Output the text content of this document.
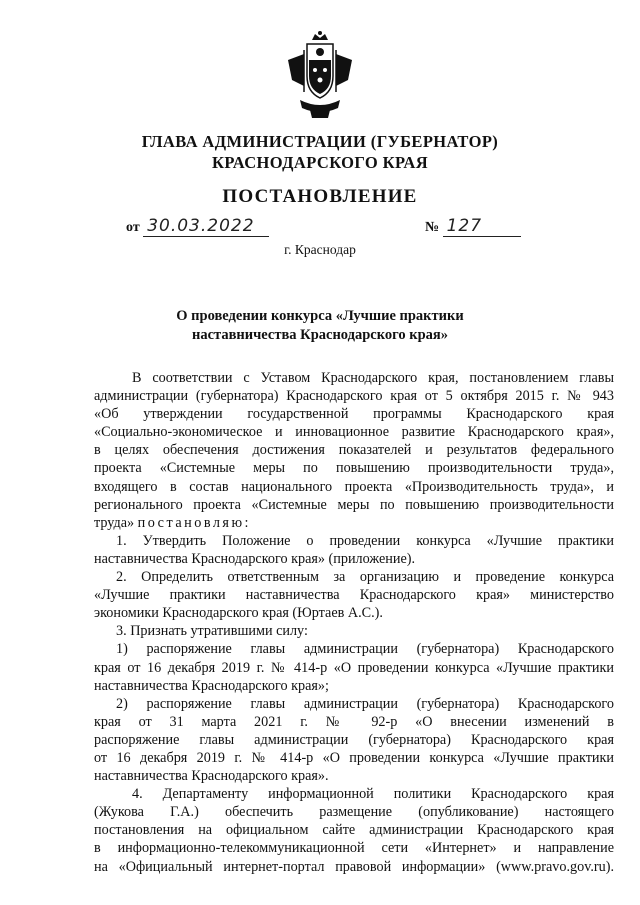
ГЛАВА АДМИНИСТРАЦИИ (ГУБЕРНАТОР)
КРАСНОДАРСКОГО КРАЯ
ПОСТАНОВЛЕНИЕ
от 30.03.2022	№ 127
г. Краснодар
О проведении конкурса «Лучшие практики
наставничества Краснодарского края»

В соответствии с Уставом Краснодарского края, постановлением главы

администрации (губернатора) Краснодарского края от 5 октября 2015 г. № 943

«Об утверждении государственной программы Краснодарского края

«Социально-экономическое и инновационное развитие Краснодарского края»,

в целях обеспечения достижения показателей и результатов федерального

проекта «Системные меры по повышению производительности труда»,

входящего в состав национального проекта «Производительность труда», и

регионального проекта «Системные меры по повышению производительности

труда» постановляю:

1. Утвердить Положение о проведении конкурса «Лучшие практики

наставничества Краснодарского края» (приложение).

2. Определить ответственным за организацию и проведение конкурса

«Лучшие практики наставничества Краснодарского края» министерство

экономики Краснодарского края (Юртаев А.С.).

3. Признать утратившими силу:

1) распоряжение главы администрации (губернатора) Краснодарского

края от 16 декабря 2019 г. № 414-р «О проведении конкурса «Лучшие практики

наставничества Краснодарского края»;

2) распоряжение главы администрации (губернатора) Краснодарского

края от 31 марта 2021 г. № 92-р «О внесении изменений в

распоряжение главы администрации (губернатора) Краснодарского края

от 16 декабря 2019 г. № 414-р «О проведении конкурса «Лучшие практики

наставничества Краснодарского края».

4. Департаменту информационной политики Краснодарского края

(Жукова Г.А.) обеспечить размещение (опубликование) настоящего

постановления на официальном сайте администрации Краснодарского края

в информационно-телекоммуникационной сети «Интернет» и направление

на «Официальный интернет-портал правовой информации» (www.pravo.gov.ru).
